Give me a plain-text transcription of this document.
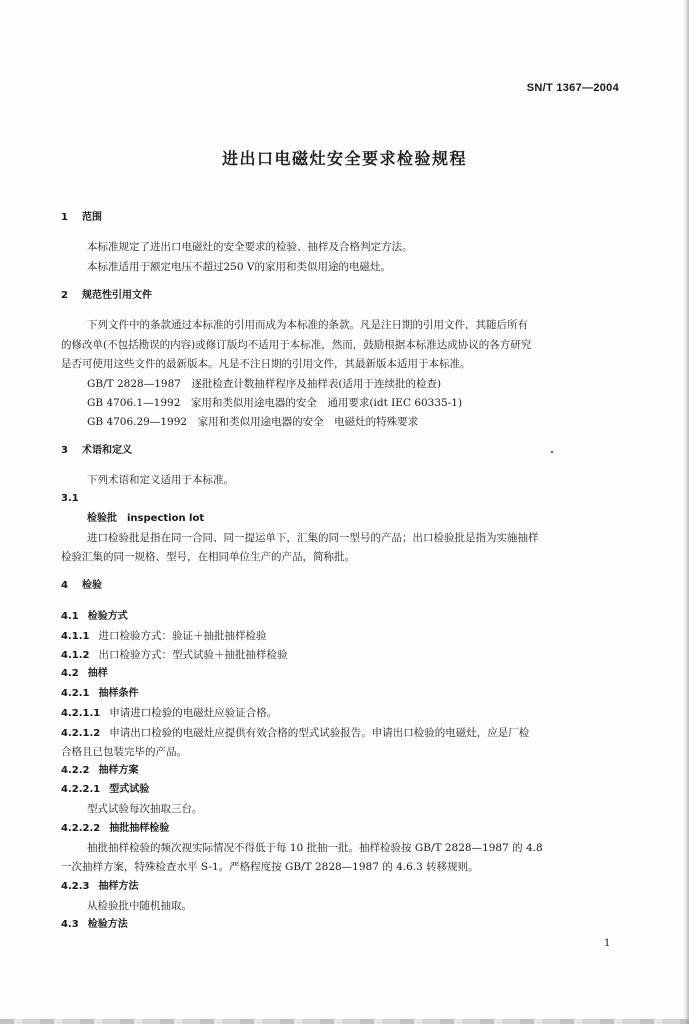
SN/T 1367—2004
进出口电磁灶安全要求检验规程
1 范围
本标准规定了进出口电磁灶的安全要求的检验、抽样及合格判定方法。
本标准适用于额定电压不超过250 V的家用和类似用途的电磁灶。
2 规范性引用文件
下列文件中的条款通过本标准的引用而成为本标准的条款。凡是注日期的引用文件，其随后所有
的修改单(不包括勘误的内容)或修订版均不适用于本标准，然而，鼓励根据本标准达成协议的各方研究
是否可使用这些文件的最新版本。凡是不注日期的引用文件，其最新版本适用于本标准。
GB/T 2828—1987　逐批检查计数抽样程序及抽样表(适用于连续批的检查)
GB 4706.1—1992　家用和类似用途电器的安全　通用要求(idt IEC 60335-1)
GB 4706.29—1992　家用和类似用途电器的安全　电磁灶的特殊要求
3 术语和定义
下列术语和定义适用于本标准。
3.1
检验批　inspection lot
进口检验批是指在同一合同、同一提运单下，汇集的同一型号的产品；出口检验批是指为实施抽样
检验汇集的同一规格、型号，在相同单位生产的产品，简称批。
4 检验
4.1 检验方式
4.1.1 进口检验方式：验证＋抽批抽样检验
4.1.2 出口检验方式：型式试验＋抽批抽样检验
4.2 抽样
4.2.1 抽样条件
4.2.1.1 申请进口检验的电磁灶应验证合格。
4.2.1.2 申请出口检验的电磁灶应提供有效合格的型式试验报告。申请出口检验的电磁灶，应是厂检
合格且已包装完毕的产品。
4.2.2 抽样方案
4.2.2.1 型式试验
型式试验每次抽取三台。
4.2.2.2 抽批抽样检验
抽批抽样检验的频次视实际情况不得低于每 10 批抽一批。抽样检验按 GB/T 2828—1987 的 4.8
一次抽样方案，特殊检查水平 S-1。严格程度按 GB/T 2828—1987 的 4.6.3 转移规则。
4.2.3 抽样方法
从检验批中随机抽取。
4.3 检验方法
1
